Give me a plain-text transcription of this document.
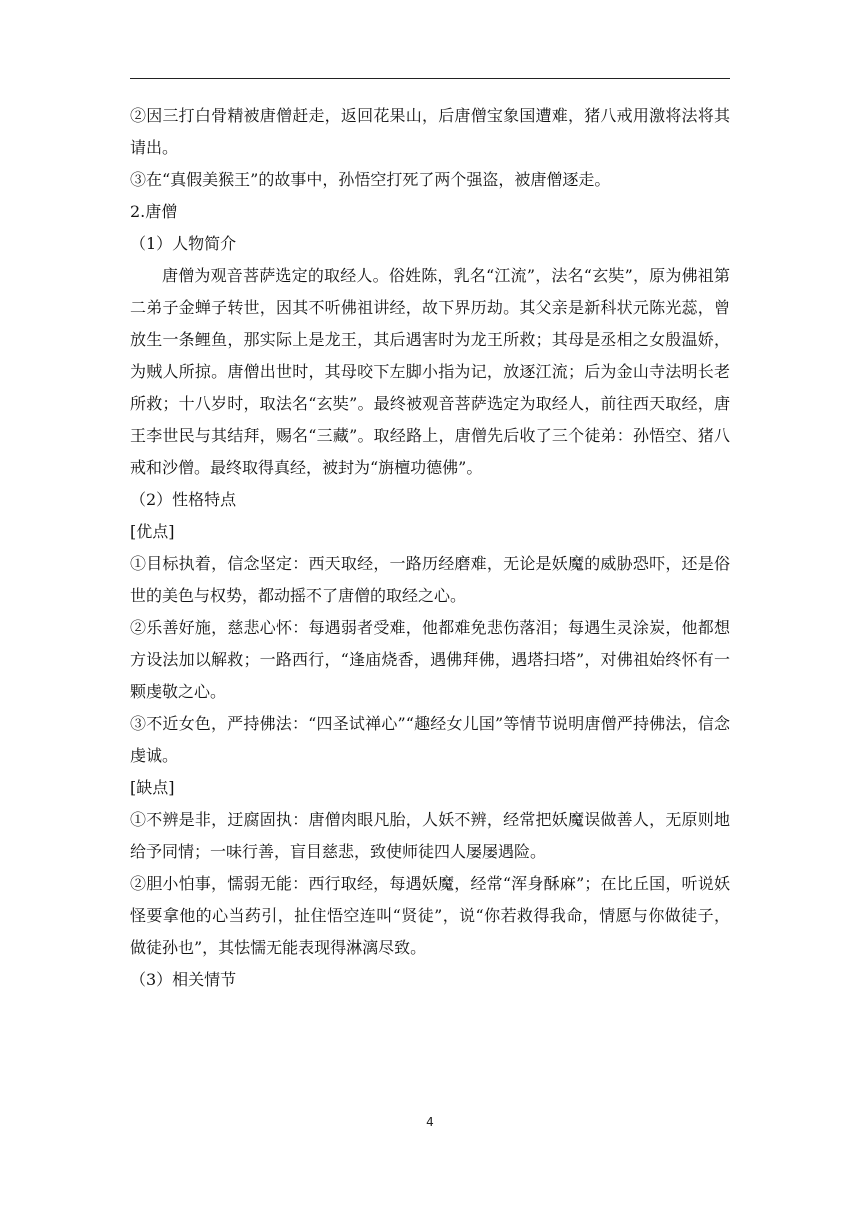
②因三打白骨精被唐僧赶走，返回花果山，后唐僧宝象国遭难，猪八戒用激将法将其请出。

③在“真假美猴王”的故事中，孙悟空打死了两个强盗，被唐僧逐走。

2.唐僧

（1）人物简介

唐僧为观音菩萨选定的取经人。俗姓陈，乳名“江流”，法名“玄奘”，原为佛祖第二弟子金蝉子转世，因其不听佛祖讲经，故下界历劫。其父亲是新科状元陈光蕊，曾放生一条鲤鱼，那实际上是龙王，其后遇害时为龙王所救；其母是丞相之女殷温娇，为贼人所掠。唐僧出世时，其母咬下左脚小指为记，放逐江流；后为金山寺法明长老所救；十八岁时，取法名“玄奘”。最终被观音菩萨选定为取经人，前往西天取经，唐王李世民与其结拜，赐名“三藏”。取经路上，唐僧先后收了三个徒弟：孙悟空、猪八戒和沙僧。最终取得真经，被封为“旃檀功德佛”。

（2）性格特点

[优点]

①目标执着，信念坚定：西天取经，一路历经磨难，无论是妖魔的威胁恐吓，还是俗世的美色与权势，都动摇不了唐僧的取经之心。

②乐善好施，慈悲心怀：每遇弱者受难，他都难免悲伤落泪；每遇生灵涂炭，他都想方设法加以解救；一路西行，“逢庙烧香，遇佛拜佛，遇塔扫塔”，对佛祖始终怀有一颗虔敬之心。

③不近女色，严持佛法：“四圣试禅心”“趣经女儿国”等情节说明唐僧严持佛法，信念虔诚。

[缺点]

①不辨是非，迂腐固执：唐僧肉眼凡胎，人妖不辨，经常把妖魔误做善人，无原则地给予同情；一味行善，盲目慈悲，致使师徒四人屡屡遇险。

②胆小怕事，懦弱无能：西行取经，每遇妖魔，经常“浑身酥麻”；在比丘国，听说妖怪要拿他的心当药引，扯住悟空连叫“贤徒”，说“你若救得我命，情愿与你做徒子，做徒孙也”，其怯懦无能表现得淋漓尽致。

（3）相关情节

4
